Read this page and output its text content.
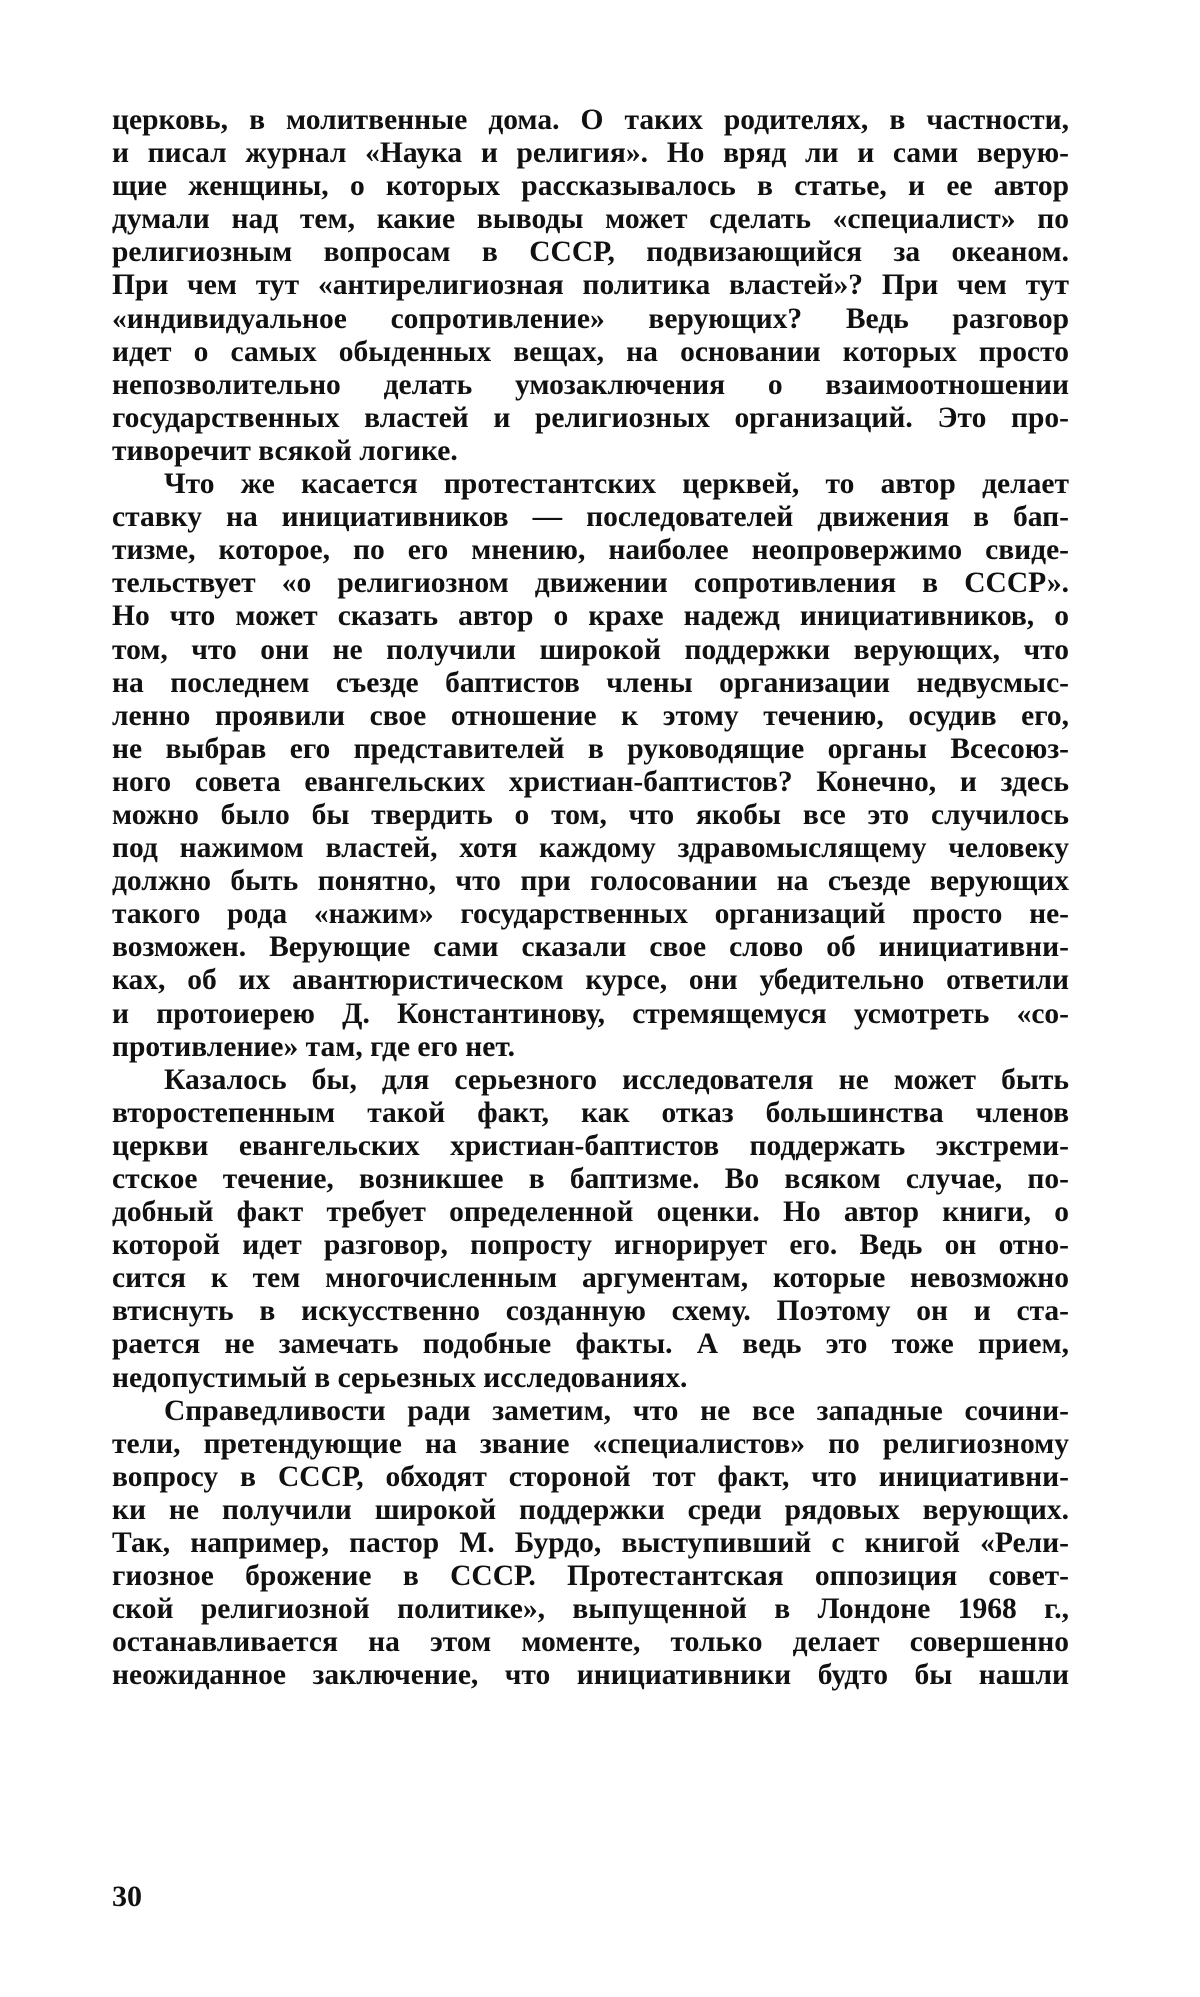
церковь, в молитвенные дома. О таких родителях, в частности,
и писал журнал «Наука и религия». Но вряд ли и сами верую-
щие женщины, о которых рассказывалось в статье, и ее автор
думали над тем, какие выводы может сделать «специалист» по
религиозным вопросам в СССР, подвизающийся за океаном.
При чем тут «антирелигиозная политика властей»? При чем тут
«индивидуальное сопротивление» верующих? Ведь разговор
идет о самых обыденных вещах, на основании которых просто
непозволительно делать умозаключения о взаимоотношении
государственных властей и религиозных организаций. Это про-
тиворечит всякой логике.
Что же касается протестантских церквей, то автор делает
ставку на инициативников — последователей движения в бап-
тизме, которое, по его мнению, наиболее неопровержимо свиде-
тельствует «о религиозном движении сопротивления в СССР».
Но что может сказать автор о крахе надежд инициативников, о
том, что они не получили широкой поддержки верующих, что
на последнем съезде баптистов члены организации недвусмыс-
ленно проявили свое отношение к этому течению, осудив его,
не выбрав его представителей в руководящие органы Всесоюз-
ного совета евангельских христиан-баптистов? Конечно, и здесь
можно было бы твердить о том, что якобы все это случилось
под нажимом властей, хотя каждому здравомыслящему человеку
должно быть понятно, что при голосовании на съезде верующих
такого рода «нажим» государственных организаций просто не-
возможен. Верующие сами сказали свое слово об инициативни-
ках, об их авантюристическом курсе, они убедительно ответили
и протоиерею Д. Константинову, стремящемуся усмотреть «со-
противление» там, где его нет.
Казалось бы, для серьезного исследователя не может быть
второстепенным такой факт, как отказ большинства членов
церкви евангельских христиан-баптистов поддержать экстреми-
стское течение, возникшее в баптизме. Во всяком случае, по-
добный факт требует определенной оценки. Но автор книги, о
которой идет разговор, попросту игнорирует его. Ведь он отно-
сится к тем многочисленным аргументам, которые невозможно
втиснуть в искусственно созданную схему. Поэтому он и ста-
рается не замечать подобные факты. А ведь это тоже прием,
недопустимый в серьезных исследованиях.
Справедливости ради заметим, что не все западные сочини-
тели, претендующие на звание «специалистов» по религиозному
вопросу в СССР, обходят стороной тот факт, что инициативни-
ки не получили широкой поддержки среди рядовых верующих.
Так, например, пастор М. Бурдо, выступивший с книгой «Рели-
гиозное брожение в СССР. Протестантская оппозиция совет-
ской религиозной политике», выпущенной в Лондоне 1968 г.,
останавливается на этом моменте, только делает совершенно
неожиданное заключение, что инициативники будто бы нашли
30
